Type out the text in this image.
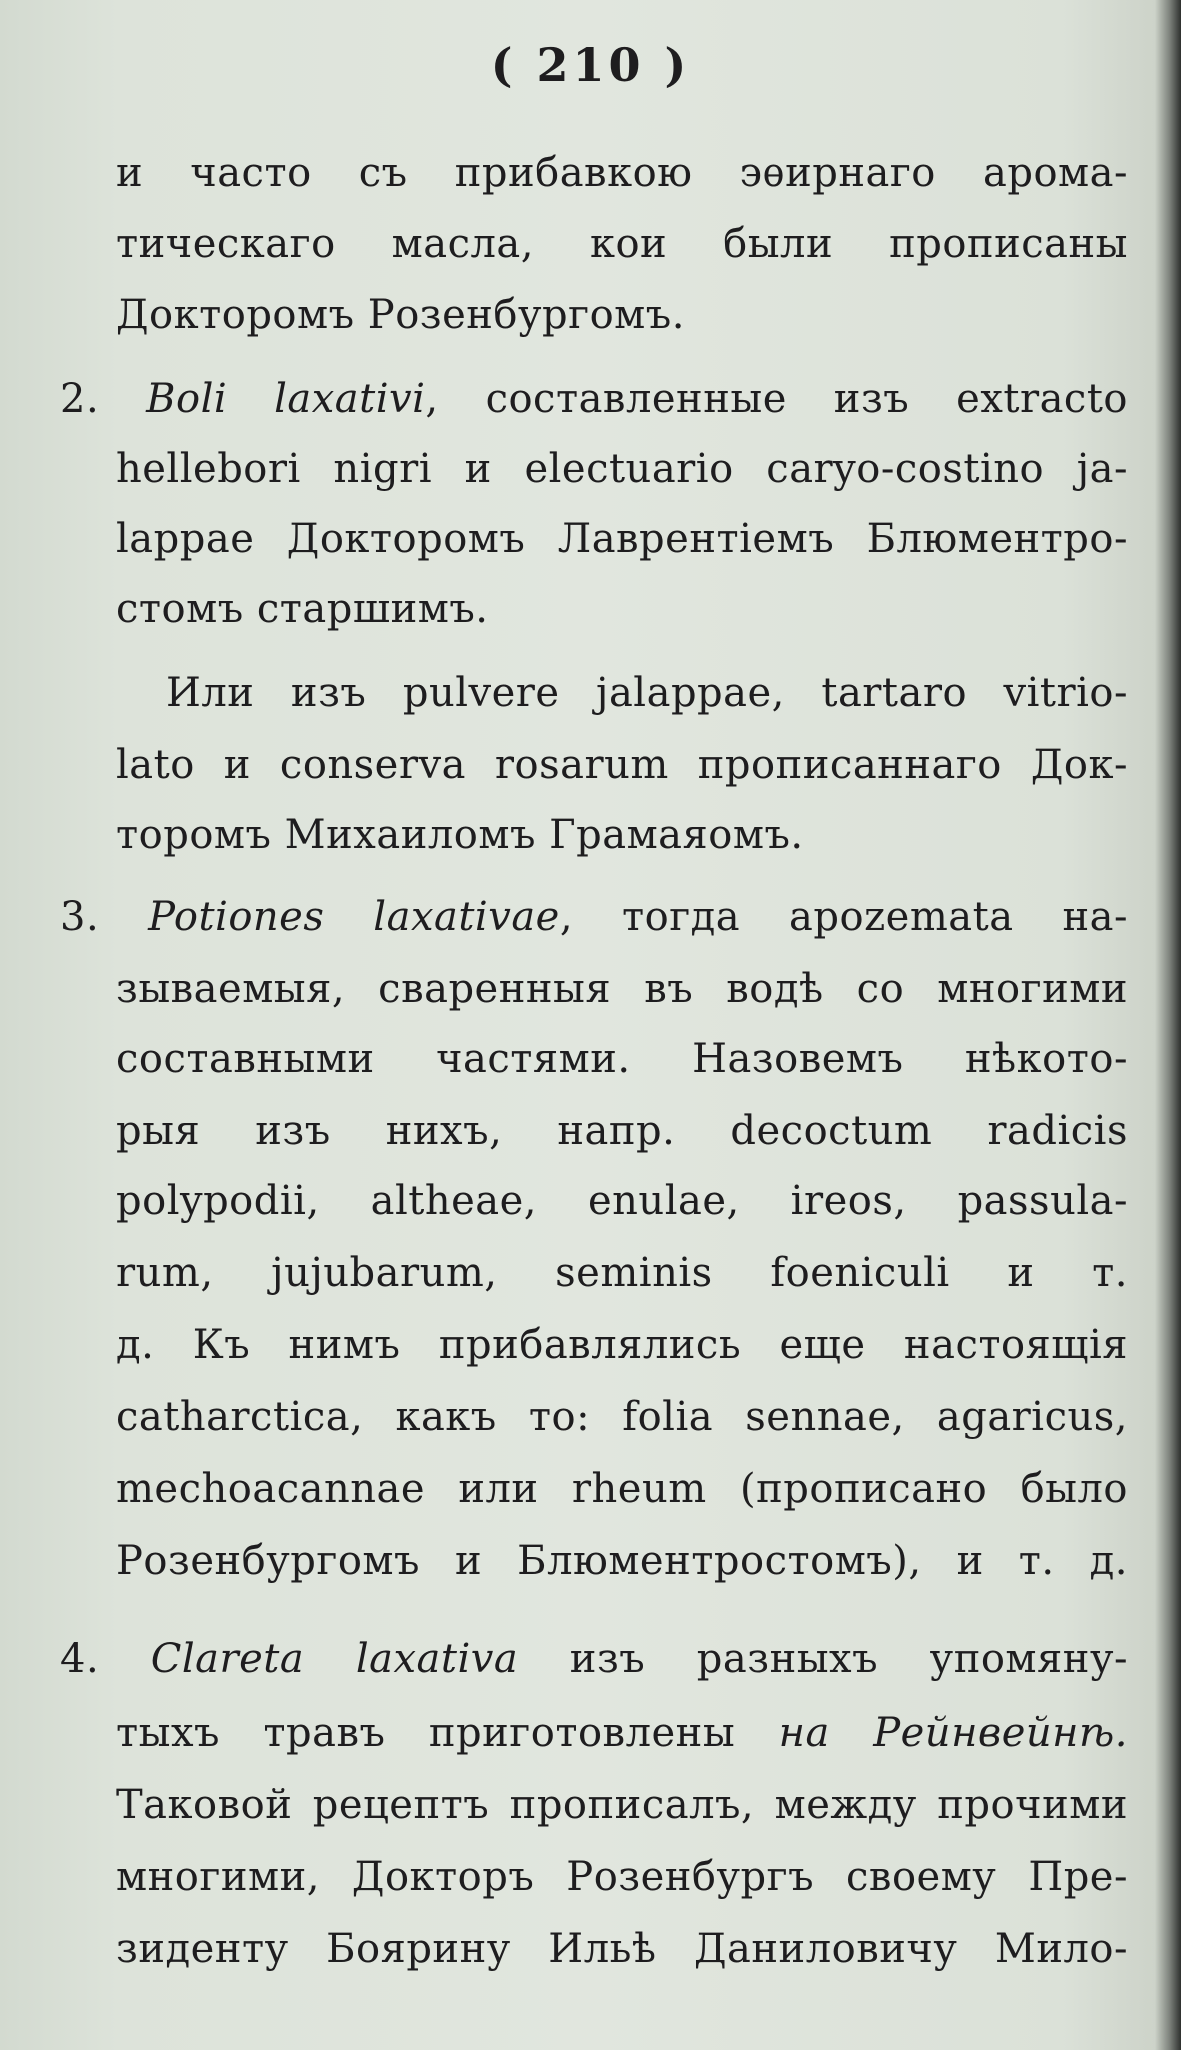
( 210 )
и часто съ прибавкою эѳирнаго арома-
тическаго масла, кои были прописаны
Докторомъ Розенбургомъ.
2. Boli laxativi, составленные изъ extracto
hellebori nigri и electuario caryo-costino ja-
lappae Докторомъ Лаврентіемъ Блюментро-
стомъ старшимъ.
Или изъ pulvere jalappae, tartaro vitrio-
lato и conserva rosarum прописаннаго Док-
торомъ Михаиломъ Грамаяомъ.
3. Potiones laxativae, тогда apozemata на-
зываемыя, сваренныя въ водѣ со многими
составными частями. Назовемъ нѣкото-
рыя изъ нихъ, напр. decoctum radicis
polypodii, altheae, enulae, ireos, passula-
rum, jujubarum, seminis foeniculi и т.
д. Къ нимъ прибавлялись еще настоящія
catharctica, какъ то: folia sennae, agaricus,
mechoacannae или rheum (прописано было
Розенбургомъ и Блюментростомъ), и т. д.
4. Clareta laxativa изъ разныхъ упомяну-
тыхъ травъ приготовлены на Рейнвейнѣ.
Таковой рецептъ прописалъ, между прочими
многими, Докторъ Розенбургъ своему Пре-
зиденту Боярину Ильѣ Даниловичу Мило-
